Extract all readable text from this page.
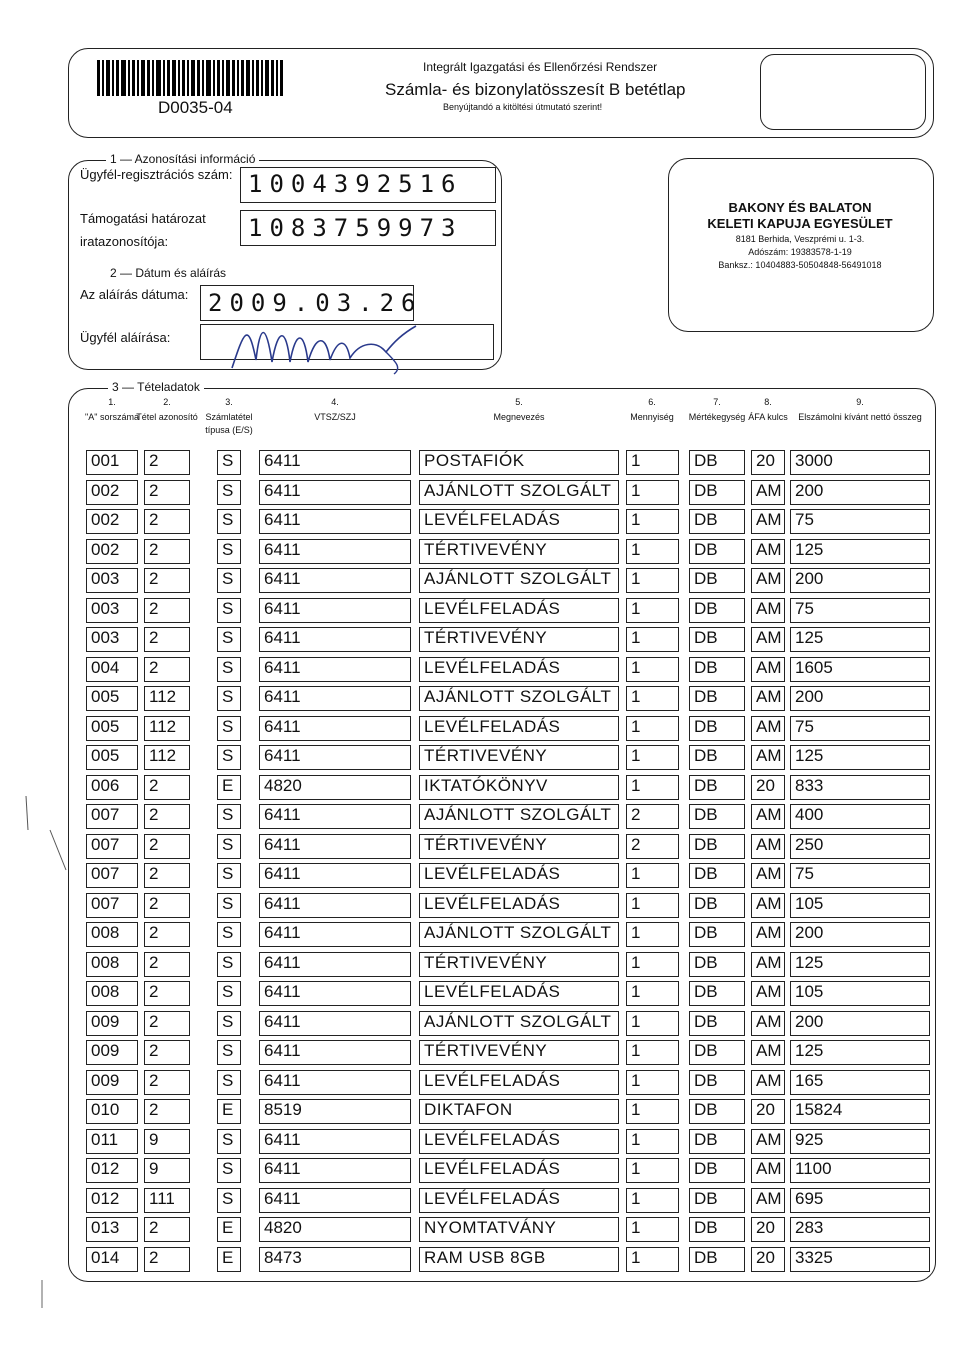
D0035-04
Integrált Igazgatási és Ellenőrzési Rendszer
Számla- és bizonylatösszesít B betétlap
Benyújtandó a kitöltési útmutató szerint!
1 — Azonosítási információ
Ügyfél-regisztrációs szám: 1004392516
Támogatási határozat
iratazonosítója:	1083759973
2 — Dátum és aláírás
Az aláírás dátuma: 2009.03.26
Ügyfél aláírása:
BAKONY ÉS BALATON
KELETI KAPUJA EGYESÜLET
8181 Berhida, Veszprémi u. 1-3.
Adószám: 19383578-1-19
Banksz.: 10404883-50504848-56491018
3 — Tételadatok
1.
"A" sorszáma
2.
Tétel azonosító
3.
Számlatétel típusa (E/S)
4.
VTSZ/SZJ
5.
Megnevezés
6.
Mennyiség
7.
Mértékegység
8.
ÁFA kulcs
9.
Elszámolni kívánt nettó összeg
001	2	S	6411	POSTAFIÓK	1	DB	20	3000
002	2	S	6411	AJÁNLOTT SZOLGÁLT	1	DB	AM 200
002	2	S	6411	LEVÉLFELADÁS	1	DB	AM 75
002	2	S	6411	TÉRTIVEVÉNY	1	DB	AM 125
003	2	S	6411	AJÁNLOTT SZOLGÁLT	1	DB	AM 200
003	2	S	6411	LEVÉLFELADÁS	1	DB	AM 75
003	2	S	6411	TÉRTIVEVÉNY	1	DB	AM 125
004	2	S	6411	LEVÉLFELADÁS	1	DB	AM 1605
005	112	S	6411	AJÁNLOTT SZOLGÁLT	1	DB	AM 200
005	112	S	6411	LEVÉLFELADÁS	1	DB	AM 75
005	112	S	6411	TÉRTIVEVÉNY	1	DB	AM 125
006	2	E	4820	IKTATÓKÖNYV	1	DB	20	833
007	2	S	6411	AJÁNLOTT SZOLGÁLT	2	DB	AM 400
007	2	S	6411	TÉRTIVEVÉNY	2	DB	AM 250
007	2	S	6411	LEVÉLFELADÁS	1	DB	AM 75
007	2	S	6411	LEVÉLFELADÁS	1	DB	AM 105
008	2	S	6411	AJÁNLOTT SZOLGÁLT	1	DB	AM 200
008	2	S	6411	TÉRTIVEVÉNY	1	DB	AM 125
008	2	S	6411	LEVÉLFELADÁS	1	DB	AM 105
009	2	S	6411	AJÁNLOTT SZOLGÁLT	1	DB	AM 200
009	2	S	6411	TÉRTIVEVÉNY	1	DB	AM 125
009	2	S	6411	LEVÉLFELADÁS	1	DB	AM 165
010	2	E	8519	DIKTAFON	1	DB	20	15824
011	9	S	6411	LEVÉLFELADÁS	1	DB	AM 925
012	9	S	6411	LEVÉLFELADÁS	1	DB	AM 1100
012	111	S	6411	LEVÉLFELADÁS	1	DB	AM 695
013	2	E	4820	NYOMTATVÁNY	1	DB	20	283
014	2	E	8473	RAM USB 8GB	1	DB	20	3325
